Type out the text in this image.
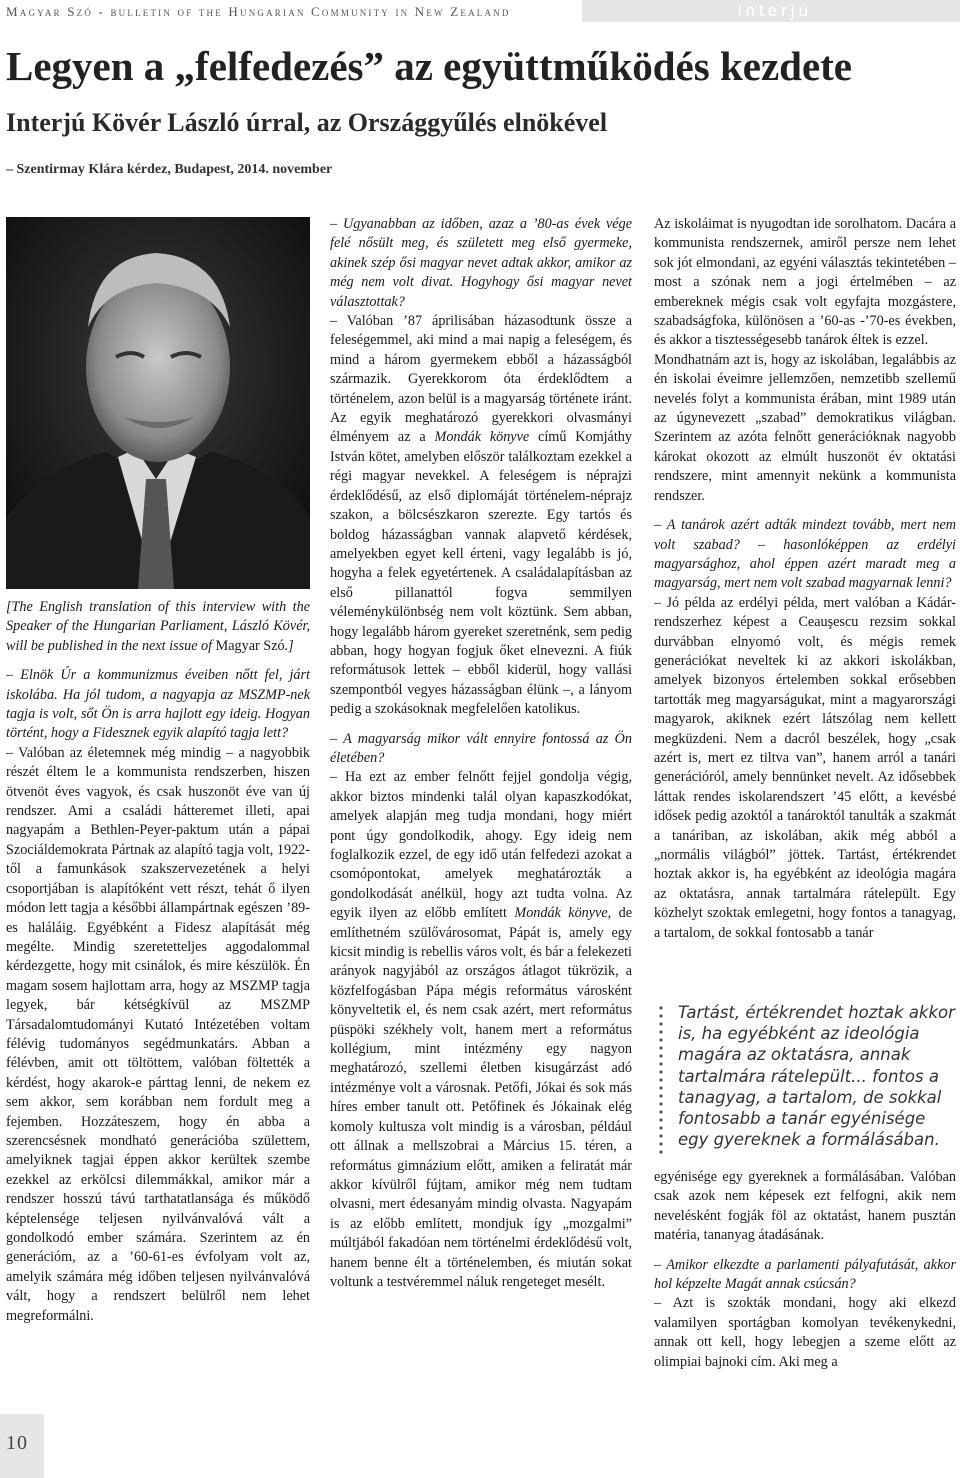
Magyar Szó - bulletin of the Hungarian Community in New Zealand	interjú
Legyen a „felfedezés” az együttműködés kezdete
Interjú Kövér László úrral, az Országgyűlés elnökével
– Szentirmay Klára kérdez, Budapest, 2014. november

[The English translation of this interview with the Speaker of the Hungarian Parliament, László Kövér, will be published in the next issue of Magyar Szó.]

– Elnök Úr a kommunizmus éveiben nőtt fel, járt iskolába. Ha jól tudom, a nagyapja az MSZMP-nek tagja is volt, sőt Ön is arra hajlott egy ideig. Hogyan történt, hogy a Fidesznek egyik alapító tagja lett?

– Valóban az életemnek még mindig – a nagyobbik részét éltem le a kommunista rendszerben, hiszen ötvenöt éves vagyok, és csak huszonöt éve van új rendszer. Ami a családi hátteremet illeti, apai nagyapám a Bethlen-Peyer-paktum után a pápai Szociáldemokrata Pártnak az alapító tagja volt, 1922-től a famunkások szakszervezetének a helyi csoportjában is alapítóként vett részt, tehát ő ilyen módon lett tagja a későbbi állampártnak egészen ’89-es haláláig. Egyébként a Fidesz alapítását még megélte. Mindig szeretetteljes aggodalommal kérdezgette, hogy mit csinálok, és mire készülök. Én magam sosem hajlottam arra, hogy az MSZMP tagja legyek, bár kétségkívül az MSZMP Társadalomtudományi Kutató Intézetében voltam félévig tudományos segédmunkatárs. Abban a félévben, amit ott töltöttem, valóban föltették a kérdést, hogy akarok-e párttag lenni, de nekem ez sem akkor, sem korábban nem fordult meg a fejemben. Hozzáteszem, hogy én abba a szerencsésnek mondható generációba születtem, amelyiknek tagjai éppen akkor kerültek szembe ezekkel az erkölcsi dilemmákkal, amikor már a rendszer hosszú távú tarthatatlansága és működő képtelensége teljesen nyilvánvalóvá vált a gondolkodó ember számára. Szerintem az én generációm, az a ’60-61-es évfolyam volt az, amelyik számára még időben teljesen nyilvánvalóvá vált, hogy a rendszert belülről nem lehet megreformálni.

– Ugyanabban az időben, azaz a ’80-as évek vége felé nősült meg, és született meg első gyermeke, akinek szép ősi magyar nevet adtak akkor, amikor az még nem volt divat. Hogyhogy ősi magyar nevet választottak?

– Valóban ’87 áprilisában házasodtunk össze a feleségemmel, aki mind a mai napig a feleségem, és mind a három gyermekem ebből a házasságból származik. Gyerekkorom óta érdeklődtem a történelem, azon belül is a magyarság története iránt. Az egyik meghatározó gyerekkori olvasmányi élményem az a Mondák könyve című Komjáthy István kötet, amelyben először találkoztam ezekkel a régi magyar nevekkel. A feleségem is néprajzi érdeklődésű, az első diplomáját történelem-néprajz szakon, a bölcsészkaron szerezte. Egy tartós és boldog házasságban vannak alapvető kérdések, amelyekben egyet kell érteni, vagy legalább is jó, hogyha a felek egyetértenek. A családalapításban az első pillanattól fogva semmilyen véleménykülönbség nem volt köztünk. Sem abban, hogy legalább három gyereket szeretnénk, sem pedig abban, hogy hogyan fogjuk őket elnevezni. A fiúk reformátusok lettek – ebből kiderül, hogy vallási szempontból vegyes házasságban élünk –, a lányom pedig a szokásoknak megfelelően katolikus.

– A magyarság mikor vált ennyire fontossá az Ön életében?

– Ha ezt az ember felnőtt fejjel gondolja végig, akkor biztos mindenki talál olyan kapaszkodókat, amelyek alapján meg tudja mondani, hogy miért pont úgy gondolkodik, ahogy. Egy ideig nem foglalkozik ezzel, de egy idő után felfedezi azokat a csomópontokat, amelyek meghatározták a gondolkodását anélkül, hogy azt tudta volna. Az egyik ilyen az előbb említett Mondák könyve, de említhetném szülővárosomat, Pápát is, amely egy kicsit mindig is rebellis város volt, és bár a felekezeti arányok nagyjából az országos átlagot tükrözik, a közfelfogásban Pápa mégis református városként könyveltetik el, és nem csak azért, mert református püspöki székhely volt, hanem mert a református kollégium, mint intézmény egy nagyon meghatározó, szellemi életben kisugárzást adó intézménye volt a városnak. Petőfi, Jókai és sok más híres ember tanult ott. Petőfinek és Jókainak elég komoly kultusza volt mindig is a városban, például ott állnak a mellszobrai a Március 15. téren, a református gimnázium előtt, amiken a feliratát már akkor kívülről fújtam, amikor még nem tudtam olvasni, mert édesanyám mindig olvasta. Nagyapám is az előbb említett, mondjuk így „mozgalmi” múltjából fakadóan nem történelmi érdeklődésű volt, hanem benne élt a történelemben, és miután sokat voltunk a testvéremmel náluk rengeteget mesélt.

Az iskoláimat is nyugodtan ide sorolhatom. Dacára a kommunista rendszernek, amiről persze nem lehet sok jót elmondani, az egyéni választás tekintetében – most a szónak nem a jogi értelmében – az embereknek mégis csak volt egyfajta mozgástere, szabadságfoka, különösen a ’60-as -’70-es években, és akkor a tisztességesebb tanárok éltek is ezzel.

Mondhatnám azt is, hogy az iskolában, legalábbis az én iskolai éveimre jellemzően, nemzetibb szellemű nevelés folyt a kommunista érában, mint 1989 után az úgynevezett „szabad” demokratikus világban. Szerintem az azóta felnőtt generációknak nagyobb károkat okozott az elmúlt huszonöt év oktatási rendszere, mint amennyit nekünk a kommunista rendszer.

– A tanárok azért adták mindezt tovább, mert nem volt szabad? – hasonlóképpen az erdélyi magyarsághoz, ahol éppen azért maradt meg a magyarság, mert nem volt szabad magyarnak lenni?

– Jó példa az erdélyi példa, mert valóban a Kádár-rendszerhez képest a Ceauşescu rezsim sokkal durvábban elnyomó volt, és mégis remek generációkat neveltek ki az akkori iskolákban, amelyek bizonyos értelemben sokkal erősebben tartották meg magyarságukat, mint a magyarországi magyarok, akiknek ezért látszólag nem kellett megküzdeni. Nem a dacról beszélek, hogy „csak azért is, mert ez tiltva van”, hanem arról a tanári generációról, amely bennünket nevelt. Az idősebbek láttak rendes iskolarendszert ’45 előtt, a kevésbé idősek pedig azoktól a tanároktól tanulták a szakmát a tanáriban, az iskolában, akik még abból a „normális világból” jöttek. Tartást, értékrendet hoztak akkor is, ha egyébként az ideológia magára az oktatásra, annak tartalmára rátelepült. Egy közhelyt szoktak emlegetni, hogy fontos a tanagyag, a tartalom, de sokkal fontosabb a tanár

Tartást, értékrendet hoztak akkor is, ha egyébként az ideológia magára az oktatásra, annak tartalmára rátelepült... fontos a tanagyag, a tartalom, de sokkal fontosabb a tanár egyénisége egy gyereknek a formálásában.

egyénisége egy gyereknek a formálásában. Valóban csak azok nem képesek ezt felfogni, akik nem nevelésként fogják föl az oktatást, hanem pusztán matéria, tananyag átadásának.

– Amikor elkezdte a parlamenti pályafutását, akkor hol képzelte Magát annak csúcsán?

– Azt is szokták mondani, hogy aki elkezd valamilyen sportágban komolyan tevékenykedni, annak ott kell, hogy lebegjen a szeme előtt az olimpiai bajnoki cím. Aki meg a

10
